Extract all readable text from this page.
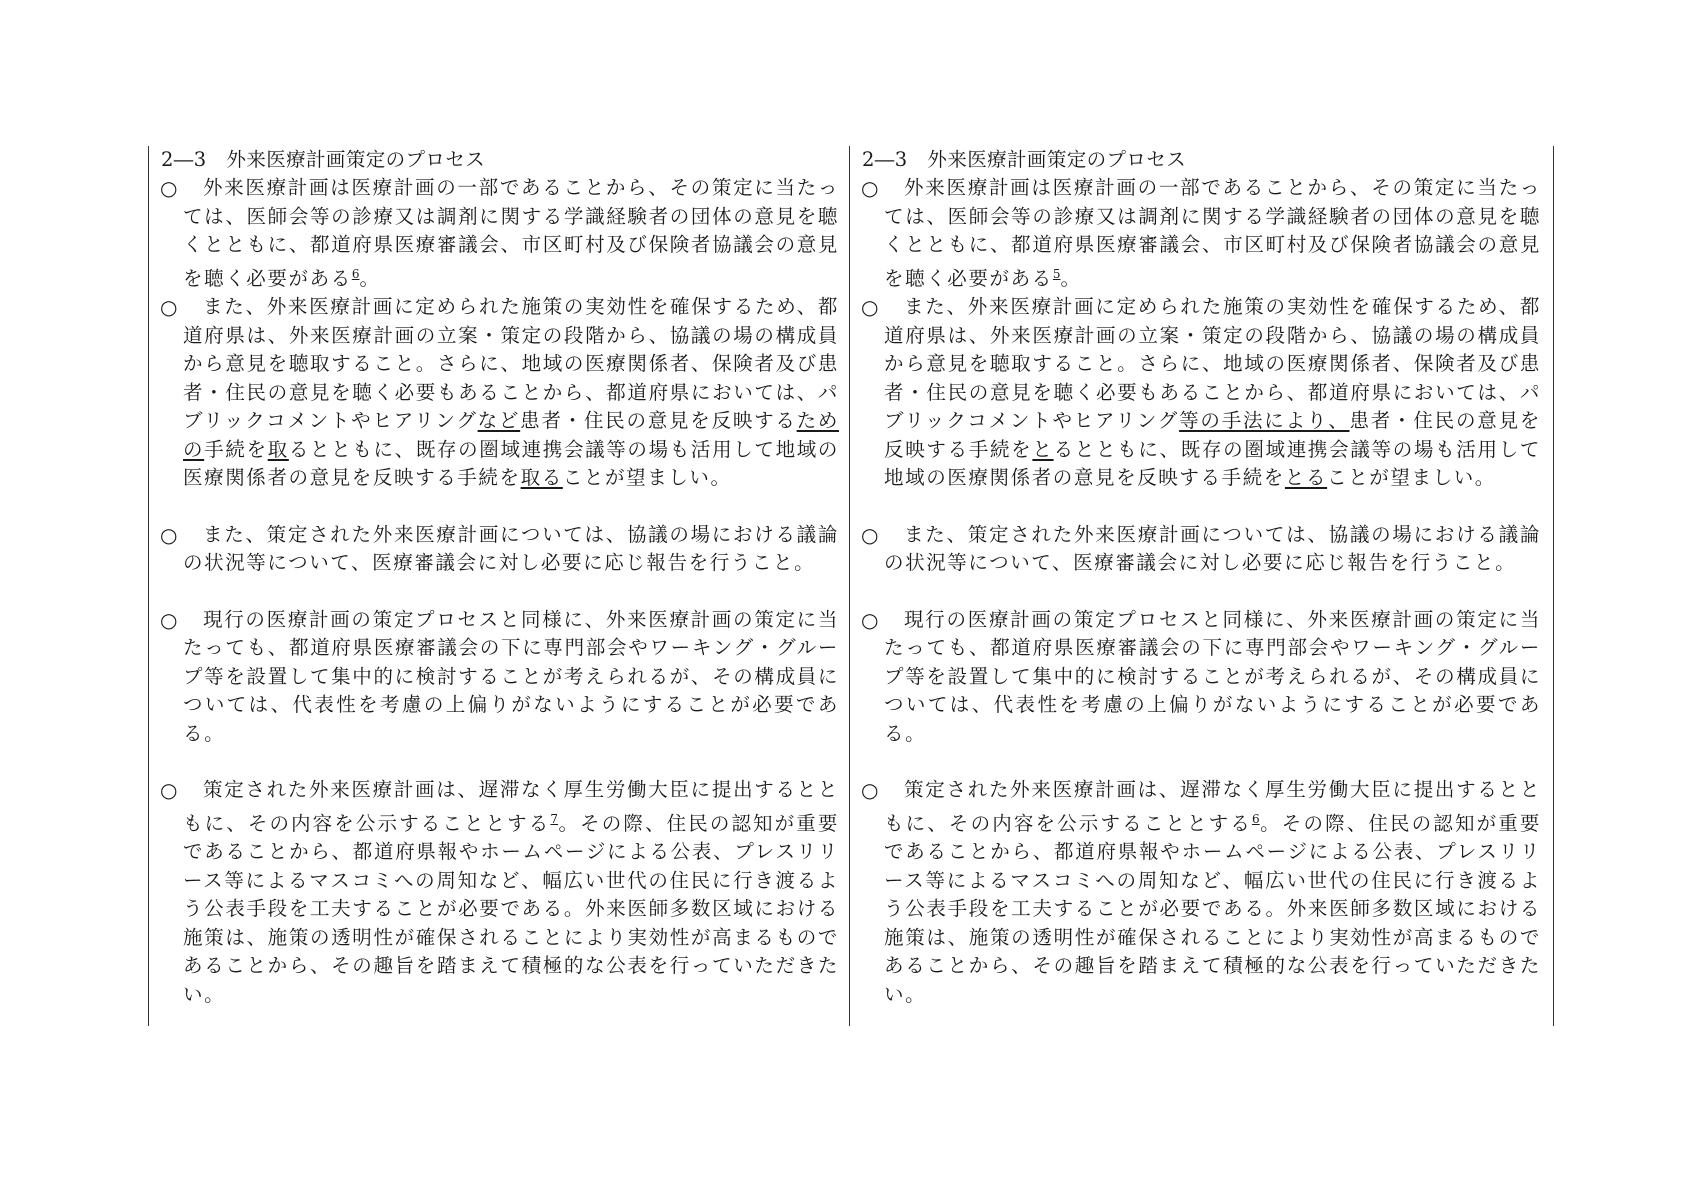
2―3　外来医療計画策定のプロセス
○	外来医療計画は医療計画の一部であることから、その策定に当たっては、医師会等の診療又は調剤に関する学識経験者の団体の意見を聴くとともに、都道府県医療審議会、市区町村及び保険者協議会の意見を聴く必要がある$^6$。
○	また、外来医療計画に定められた施策の実効性を確保するため、都道府県は、外来医療計画の立案・策定の段階から、協議の場の構成員から意見を聴取すること。さらに、地域の医療関係者、保険者及び患者・住民の意見を聴く必要もあることから、都道府県においては、パブリックコメントやヒアリングなど患者・住民の意見を反映するための手続を取るとともに、既存の圏域連携会議等の場も活用して地域の医療関係者の意見を反映する手続を取ることが望ましい。
○	また、策定された外来医療計画については、協議の場における議論の状況等について、医療審議会に対し必要に応じ報告を行うこと。
○	現行の医療計画の策定プロセスと同様に、外来医療計画の策定に当たっても、都道府県医療審議会の下に専門部会やワーキング・グループ等を設置して集中的に検討することが考えられるが、その構成員については、代表性を考慮の上偏りがないようにすることが必要である。
○	策定された外来医療計画は、遅滞なく厚生労働大臣に提出するとともに、その内容を公示することとする$^7$。その際、住民の認知が重要であることから、都道府県報やホームページによる公表、プレスリリース等によるマスコミへの周知など、幅広い世代の住民に行き渡るよう公表手段を工夫することが必要である。外来医師多数区域における施策は、施策の透明性が確保されることにより実効性が高まるものであることから、その趣旨を踏まえて積極的な公表を行っていただきたい。
2―3　外来医療計画策定のプロセス
○	外来医療計画は医療計画の一部であることから、その策定に当たっては、医師会等の診療又は調剤に関する学識経験者の団体の意見を聴くとともに、都道府県医療審議会、市区町村及び保険者協議会の意見を聴く必要がある$^5$。
○	また、外来医療計画に定められた施策の実効性を確保するため、都道府県は、外来医療計画の立案・策定の段階から、協議の場の構成員から意見を聴取すること。さらに、地域の医療関係者、保険者及び患者・住民の意見を聴く必要もあることから、都道府県においては、パブリックコメントやヒアリング等の手法により、患者・住民の意見を反映する手続をとるとともに、既存の圏域連携会議等の場も活用して地域の医療関係者の意見を反映する手続をとることが望ましい。
○	また、策定された外来医療計画については、協議の場における議論の状況等について、医療審議会に対し必要に応じ報告を行うこと。
○	現行の医療計画の策定プロセスと同様に、外来医療計画の策定に当たっても、都道府県医療審議会の下に専門部会やワーキング・グループ等を設置して集中的に検討することが考えられるが、その構成員については、代表性を考慮の上偏りがないようにすることが必要である。
○	策定された外来医療計画は、遅滞なく厚生労働大臣に提出するとともに、その内容を公示することとする$^6$。その際、住民の認知が重要であることから、都道府県報やホームページによる公表、プレスリリース等によるマスコミへの周知など、幅広い世代の住民に行き渡るよう公表手段を工夫することが必要である。外来医師多数区域における施策は、施策の透明性が確保されることにより実効性が高まるものであることから、その趣旨を踏まえて積極的な公表を行っていただきたい。
